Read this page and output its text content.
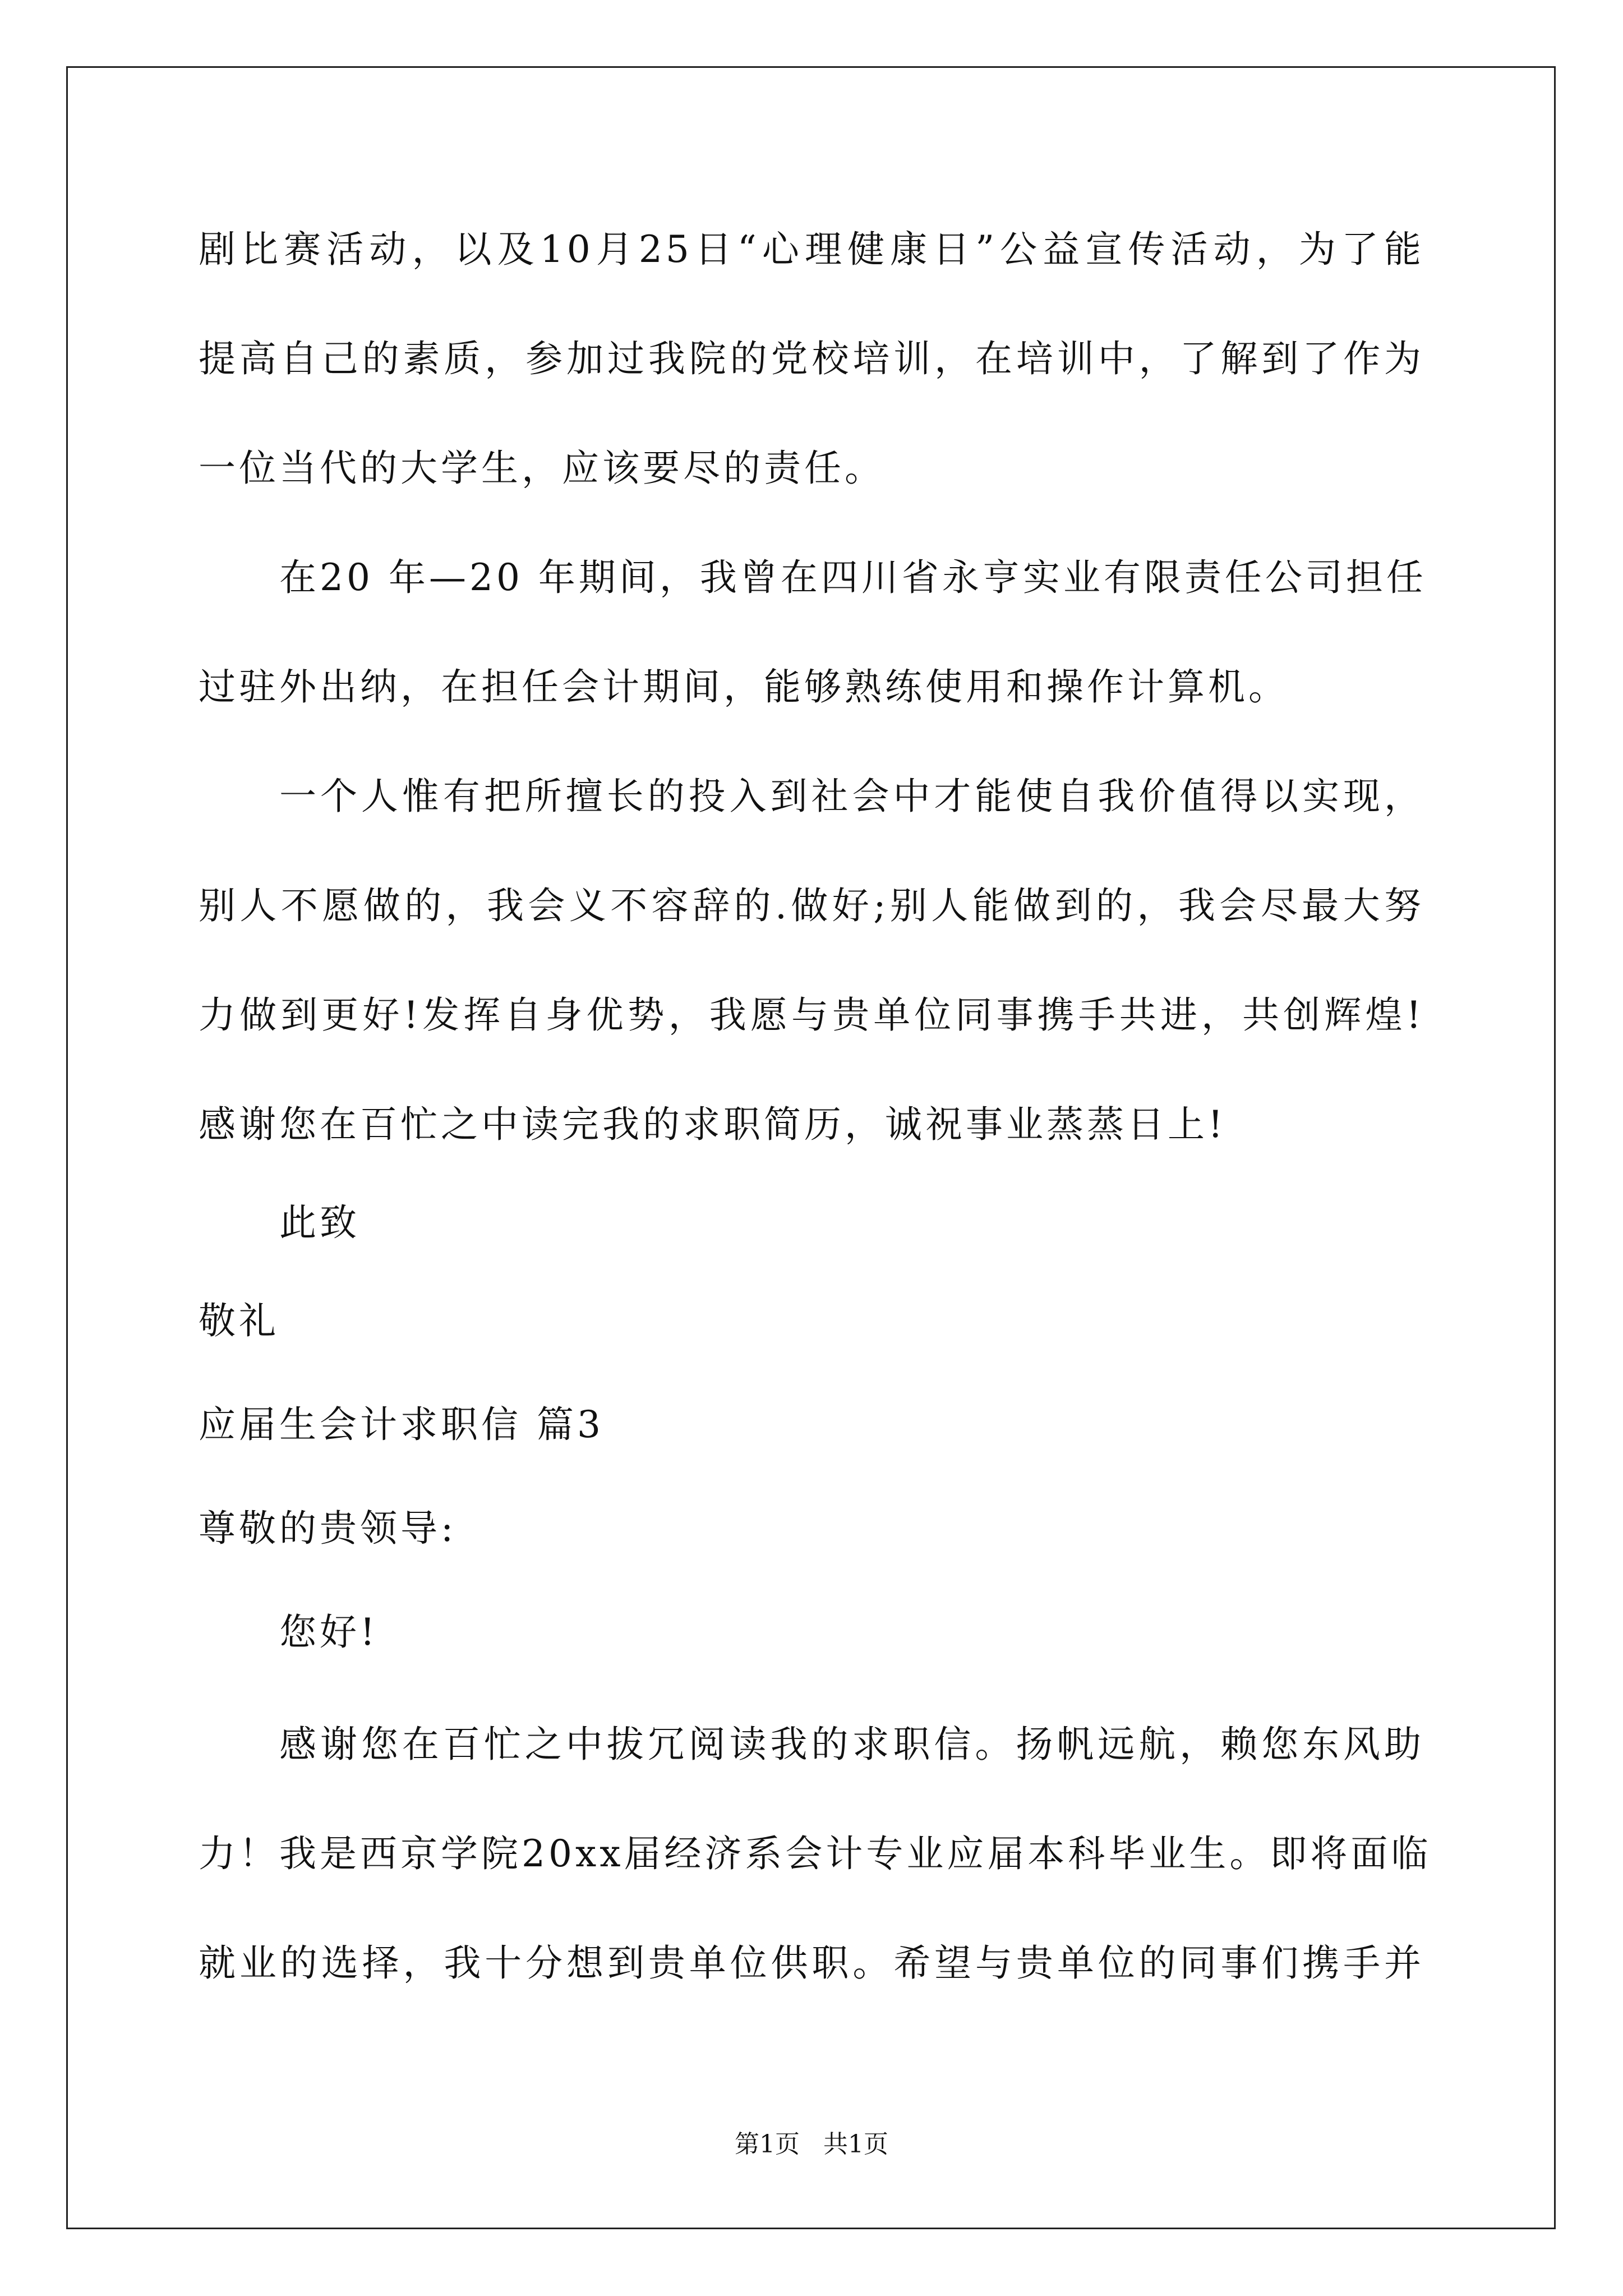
剧比赛活动，以及10月25日“心理健康日”公益宣传活动，为了能
提高自己的素质，参加过我院的党校培训，在培训中，了解到了作为
一位当代的大学生，应该要尽的责任。
在20 年—20 年期间，我曾在四川省永亨实业有限责任公司担任
过驻外出纳，在担任会计期间，能够熟练使用和操作计算机。
一个人惟有把所擅长的投入到社会中才能使自我价值得以实现，
别人不愿做的，我会义不容辞的.做好;别人能做到的，我会尽最大努
力做到更好!发挥自身优势，我愿与贵单位同事携手共进，共创辉煌!
感谢您在百忙之中读完我的求职简历，诚祝事业蒸蒸日上!
此致
敬礼
应届生会计求职信 篇3
尊敬的贵领导:
您好!
感谢您在百忙之中拔冗阅读我的求职信。扬帆远航，赖您东风助
力！我是西京学院20xx届经济系会计专业应届本科毕业生。即将面临
就业的选择，我十分想到贵单位供职。希望与贵单位的同事们携手并
第1页   共1页
